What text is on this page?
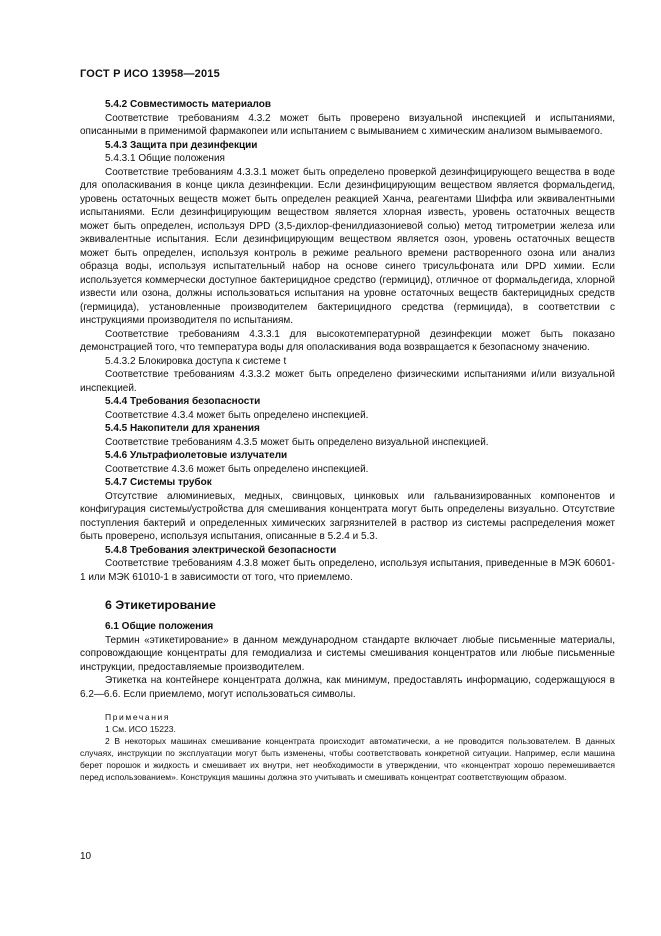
ГОСТ Р ИСО 13958—2015

5.4.2 Совместимость материалов

Соответствие требованиям 4.3.2 может быть проверено визуальной инспекцией и испытаниями, описанными в применимой фармакопеи или испытанием с вымыванием с химическим анализом вымываемого.

5.4.3 Защита при дезинфекции

5.4.3.1 Общие положения

Соответствие требованиям 4.3.3.1 может быть определено проверкой дезинфицирующего вещества в воде для ополаскивания в конце цикла дезинфекции. Если дезинфицирующим веществом является формальдегид, уровень остаточных веществ может быть определен реакцией Ханча, реагентами Шиффа или эквивалентными испытаниями. Если дезинфицирующим веществом является хлорная известь, уровень остаточных веществ может быть определен, используя DPD (3,5-дихлор-фенилдиазониевой солью) метод титрометрии железа или эквивалентные испытания. Если дезинфицирующим веществом является озон, уровень остаточных веществ может быть определен, используя контроль в режиме реального времени растворенного озона или анализ образца воды, используя испытательный набор на основе синего трисульфоната или DPD химии. Если используется коммерчески доступное бактерицидное средство (гермицид), отличное от формальдегида, хлорной извести или озона, должны использоваться испытания на уровне остаточных веществ бактерицидных средств (гермицида), установленные производителем бактерицидного средства (гермицида), в соответствии с инструкциями производителя по испытаниям.

Соответствие требованиям 4.3.3.1 для высокотемпературной дезинфекции может быть показано демонстрацией того, что температура воды для ополаскивания вода возвращается к безопасному значению.

5.4.3.2 Блокировка доступа к системе t

Соответствие требованиям 4.3.3.2 может быть определено физическими испытаниями и/или визуальной инспекцией.

5.4.4 Требования безопасности

Соответствие 4.3.4 может быть определено инспекцией.

5.4.5 Накопители для хранения

Соответствие требованиям 4.3.5 может быть определено визуальной инспекцией.

5.4.6 Ультрафиолетовые излучатели

Соответствие 4.3.6 может быть определено инспекцией.

5.4.7 Системы трубок

Отсутствие алюминиевых, медных, свинцовых, цинковых или гальванизированных компонентов и конфигурация системы/устройства для смешивания концентрата могут быть определены визуально. Отсутствие поступления бактерий и определенных химических загрязнителей в раствор из системы распределения может быть проверено, используя испытания, описанные в 5.2.4 и 5.3.

5.4.8 Требования электрической безопасности

Соответствие требованиям 4.3.8 может быть определено, используя испытания, приведенные в МЭК 60601-1 или МЭК 61010-1 в зависимости от того, что приемлемо.

6 Этикетирование

6.1 Общие положения

Термин «этикетирование» в данном международном стандарте включает любые письменные материалы, сопровождающие концентраты для гемодиализа и системы смешивания концентратов или любые письменные инструкции, предоставляемые производителем.

Этикетка на контейнере концентрата должна, как минимум, предоставлять информацию, содержащуюся в 6.2—6.6. Если приемлемо, могут использоваться символы.

Примечания

1 См. ИСО 15223.

2 В некоторых машинах смешивание концентрата происходит автоматически, а не проводится пользователем. В данных случаях, инструкции по эксплуатации могут быть изменены, чтобы соответствовать конкретной ситуации. Например, если машина берет порошок и жидкость и смешивает их внутри, нет необходимости в утверждении, что «концентрат хорошо перемешивается перед использованием». Конструкция машины должна это учитывать и смешивать концентрат соответствующим образом.

10
